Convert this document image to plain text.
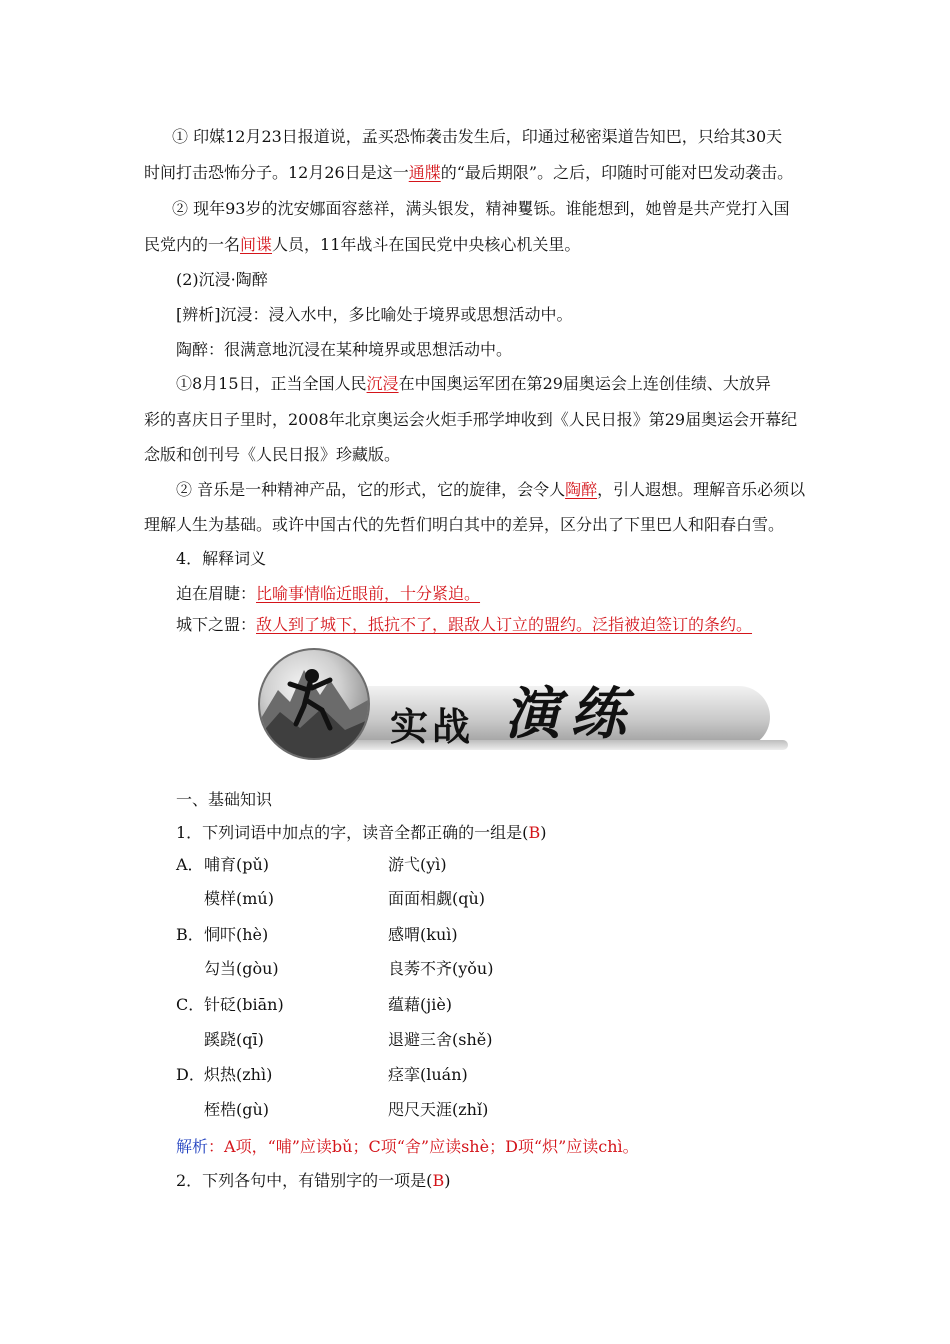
① 印媒12月23日报道说，孟买恐怖袭击发生后，印通过秘密渠道告知巴，只给其30天
时间打击恐怖分子。12月26日是这一通牒的“最后期限”。之后，印随时可能对巴发动袭击。
② 现年93岁的沈安娜面容慈祥，满头银发，精神矍铄。谁能想到，她曾是共产党打入国
民党内的一名间谍人员，11年战斗在国民党中央核心机关里。
(2)沉浸·陶醉
[辨析]沉浸：浸入水中，多比喻处于境界或思想活动中。
陶醉：很满意地沉浸在某种境界或思想活动中。
①8月15日，正当全国人民沉浸在中国奥运军团在第29届奥运会上连创佳绩、大放异
彩的喜庆日子里时，2008年北京奥运会火炬手邢学坤收到《人民日报》第29届奥运会开幕纪
念版和创刊号《人民日报》珍藏版。
② 音乐是一种精神产品，它的形式，它的旋律，会令人陶醉，引人遐想。理解音乐必须以
理解人生为基础。或许中国古代的先哲们明白其中的差异，区分出了下里巴人和阳春白雪。
4．解释词义
迫在眉睫：比喻事情临近眼前，十分紧迫。
城下之盟：敌人到了城下，抵抗不了，跟敌人订立的盟约。泛指被迫签订的条约。
实战 演练
一、基础知识
1．下列词语中加点的字，读音全都正确的一组是(B)
A． 哺育(pǔ)	游弋(yì)
模样(mú)	面面相觑(qù)
B． 恫吓(hè)	感喟(kuì)
勾当(gòu)	良莠不齐(yǒu)
C． 针砭(biān)	蕴藉(jiè)
蹊跷(qī)	退避三舍(shě)
D． 炽热(zhì)	痉挛(luán)
桎梏(gù)	咫尺天涯(zhǐ)
解析：A项，“哺”应读bǔ；C项“舍”应读shè；D项“炽”应读chì。
2．下列各句中，有错别字的一项是(B)
